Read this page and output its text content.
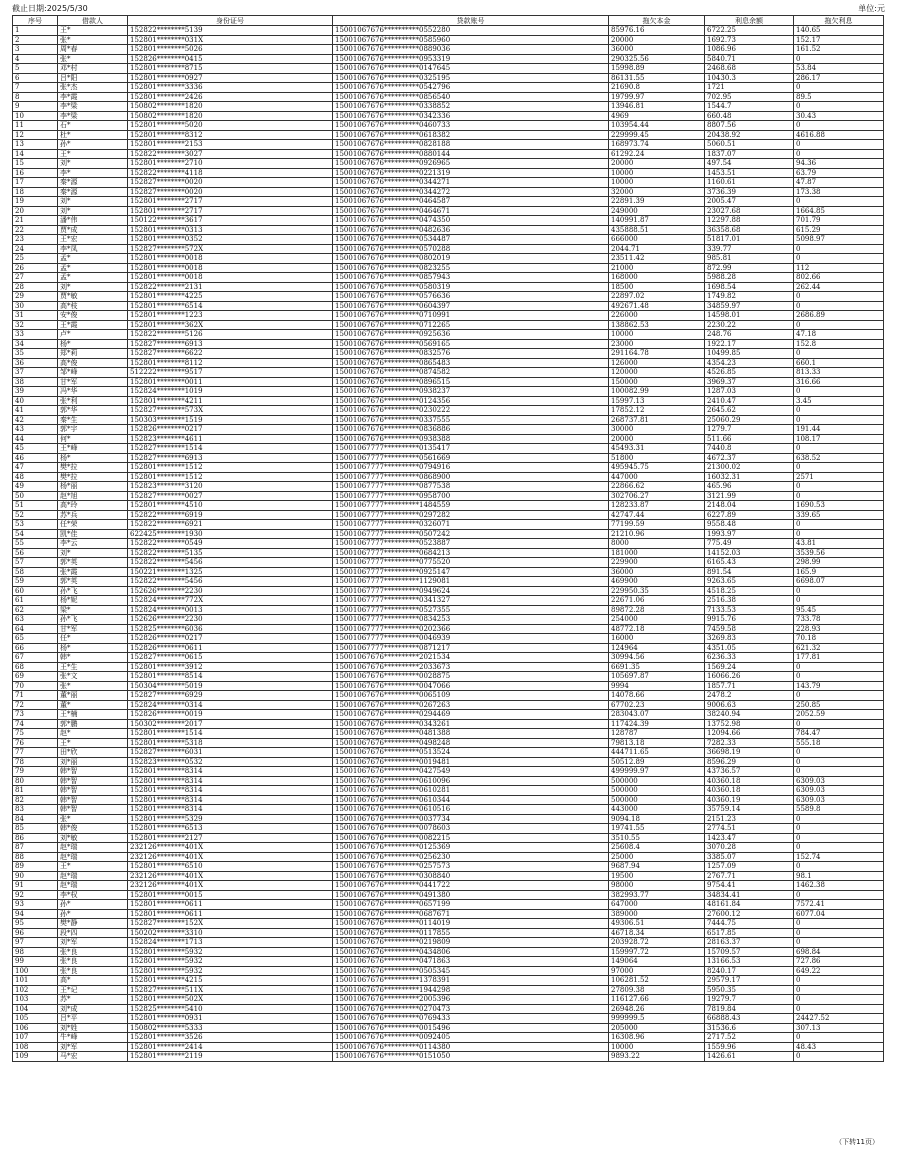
截止日期:2025/5/30	单位:元
序号	借款人	身份证号	贷款账号	拖欠本金	利息余额	拖欠利息
1	王*	152822********5139	15001067676**********0552280	85976.16	6722.25	140.65
2	张*	152801********031X	15001067676**********0585960	20000	1692.73	152.17
3	周*春	152801********5026	15001067676**********0889036	36000	1086.96	161.52
4	张*	152826********0415	15001067676**********0953319	290325.56	5840.71	0
5	邓*村	152801********8715	15001067676**********0147645	15998.89	2468.68	53.84
6	吕*阳	152801********0927	15001067676**********0325195	86131.55	10430.3	286.17
7	张*杰	152801********3336	15001067676**********0542796	21690.8	1721	0
8	李*霞	152801********2426	15001067676**********0856540	19799.97	702.95	89.5
9	李*梁	150802********1820	15001067676**********0338852	13946.81	1544.7	0
10	李*梁	150802********1820	15001067676**********0342336	4969	660.48	30.43
11	石*	152801********5020	15001067676**********0460733	103954.44	8807.56	0
12	杜*	152801********8312	15001067676**********0618382	229999.45	20438.92	4616.88
13	孙*	152801********2153	15001067676**********0828188	168973.74	5060.51	0
14	王*	152822********3027	15001067676**********0880144	61292.24	1837.07	0
15	刘*	152801********2710	15001067676**********0926965	20000	497.54	94.36
16	李*	152822********4118	15001067676**********0221319	10000	1453.51	63.79
17	秦*源	152827********0020	15001067676**********0344271	10000	1160.61	47.87
18	秦*源	152827********0020	15001067676**********0344272	32000	3736.39	173.38
19	刘*	152801********2717	15001067676**********0464587	22891.39	2005.47	0
20	刘*	152801********2717	15001067676**********0464671	249000	23027.68	1664.85
21	潘*伟	150122********3617	15001067676**********0474350	140991.87	12297.88	701.79
22	贾*成	152801********0313	15001067676**********0482636	435888.51	36358.68	615.29
23	王*宏	152801********0352	15001067676**********0534487	666000	51817.01	5098.97
24	李*凤	152827********572X	15001067676**********0570288	2044.71	339.77	0
25	孟*	152801********0018	15001067676**********0802019	23511.42	985.81	0
26	孟*	152801********0018	15001067676**********0823255	21000	872.99	112
27	孟*	152801********0018	15001067676**********0857943	168000	5988.28	802.66
28	刘*	152822********2131	15001067676**********0580319	18500	1698.54	262.44
29	贾*敏	152801********4225	15001067676**********0576636	22897.02	1749.82	0
30	高*枝	152801********6514	15001067676**********0604397	492671.48	34859.97	0
31	安*俊	152801********1223	15001067676**********0710991	226000	14598.01	2686.89
32	王*霞	152801********362X	15001067676**********0712265	138862.53	2230.22	0
33	卢*	152822********5126	15001067676**********0925636	10000	248.76	47.18
34	杨*	152827********6913	15001067676**********0569165	23000	1922.17	152.8
35	郑*莉	152827********6622	15001067676**********0832576	291164.78	10499.85	0
36	高*俊	152801********8112	15001067676**********0865483	126000	4354.23	660.1
37	邹*峰	512222********9517	15001067676**********0874582	120000	4526.85	813.33
38	甘*军	152801********0011	15001067676**********0896515	150000	3969.37	316.66
39	冯*华	152824********1019	15001067676**********0938237	100082.99	1287.03	0
40	张*利	152801********4211	15001067676**********0124356	15997.13	2410.47	3.45
41	郭*华	152827********573X	15001067676**********0230222	17852.12	2645.62	0
42	秦*生	150303********1519	15001067676**********0337555	268737.81	25060.29	0
43	郭*宇	152826********0217	15001067676**********0836886	30000	1279.7	191.44
44	何*	152823********4611	15001067676**********0938388	20000	511.66	108.17
45	王*峰	152827********1514	15001067777**********0135417	45493.31	7440.8	0
46	杨*	152827********6913	15001067777**********0561669	51800	4672.37	638.52
47	樊*拉	152801********1512	15001067777**********0794916	495945.75	21300.02	0
48	樊*拉	152801********1512	15001067777**********0868900	447000	16032.31	2571
49	杨*丽	152823********3120	15001067777**********0877538	22866.62	465.96	0
50	赵*旭	152827********0027	15001067777**********0958700	302706.27	3121.99	0
51	高*玲	152801********4510	15001067777**********1484559	128233.87	2148.04	1690.53
52	苏*兵	152822********6919	15001067777**********0297282	42747.44	6227.89	339.65
53	任*荣	152822********6921	15001067777**********0326071	77199.59	9558.48	0
54	凯*佳	622425********1930	15001067777**********0507242	21210.96	1993.97	0
55	李*云	152822********0549	15001067777**********0523887	8000	775.49	43.81
56	刘*	152822********5135	15001067777**********0684213	181000	14152.03	3539.56
57	郭*英	152822********5456	15001067777**********0775520	229900	6165.43	298.99
58	张*霞	150221********1325	15001067777**********0925147	36000	891.54	165.9
59	郭*英	152822********5456	15001067777**********1129081	469900	9263.65	6698.07
60	孙*飞	152626********2230	15001067777**********0949624	229950.35	4518.25	0
61	杨*妮	152824********772X	15001067777**********0341327	22671.06	2516.38	0
62	梁*	152824********0013	15001067777**********0527355	89872.28	7133.53	95.45
63	孙*飞	152626********2230	15001067777**********0834253	254000	9915.76	733.78
64	甘*军	152825********6036	15001067777**********0202366	48772.18	7459.58	228.93
65	任*	152826********0217	15001067777**********0046939	16000	3269.83	70.18
66	杨*	152826********0611	15001067777**********0871217	124964	4351.05	621.32
67	韩*	152827********0615	15001067676**********2021534	30994.56	6236.33	177.81
68	王*生	152801********3912	15001067676**********2033673	6691.35	1569.24	0
69	张*文	152801********8514	15001067676**********0028875	105697.87	16066.26	0
70	张*	150304********5019	15001067676**********0047066	9994	1857.71	143.79
71	董*丽	152827********6929	15001067676**********0065109	14078.66	2478.2	0
72	董*	152824********0314	15001067676**********0267263	67702.23	9006.63	250.85
73	王*楠	152826********0019	15001067676**********0294469	283043.07	38240.94	2052.59
74	郭*鹏	150302********2017	15001067676**********0343261	117424.39	13752.98	0
75	赵*	152801********1514	15001067676**********0481388	128787	12094.66	784.47
76	王*	152801********5318	15001067676**********0498248	79813.18	7282.33	555.18
77	田*欣	152827********6031	15001067676**********0513524	444711.65	36698.19	0
78	刘*丽	152823********0532	15001067676**********0019481	50512.89	8596.29	0
79	韩*智	152801********8314	15001067676**********0427549	499999.97	43736.57	0
80	韩*智	152801********8314	15001067676**********0610096	500000	40360.18	6309.03
81	韩*智	152801********8314	15001067676**********0610281	500000	40360.18	6309.03
82	韩*智	152801********8314	15001067676**********0610344	500000	40360.19	6309.03
83	韩*智	152801********8314	15001067676**********0610516	443000	35759.14	5589.8
84	张*	152801********5329	15001067676**********0037734	9094.18	2151.23	0
85	韩*俊	152801********6513	15001067676**********0078603	19741.55	2774.51	0
86	刘*敏	152801********2127	15001067676**********0082215	3510.55	1423.47	0
87	赵*瑞	232126********401X	15001067676**********0125369	25608.4	3070.28	0
88	赵*瑞	232126********401X	15001067676**********0256230	25000	3385.07	152.74
89	王*	152801********6510	15001067676**********0257573	9687.94	1257.09	0
90	赵*瑞	232126********401X	15001067676**********0308840	19500	2767.71	98.1
91	赵*瑞	232126********401X	15001067676**********0441722	98000	9754.41	1462.38
92	李*权	152801********0015	15001067676**********0491380	382993.77	34834.41	0
93	孙*	152801********0611	15001067676**********0657199	647000	48161.84	7572.41
94	孙*	152801********0611	15001067676**********0687671	389000	27600.12	6077.04
95	樊*静	152827********152X	15001067676**********0114019	49306.51	7444.75	0
96	段*四	150202********3310	15001067676**********0117855	46718.34	6517.85	0
97	刘*军	152824********1713	15001067676**********0219809	203928.72	28163.37	0
98	张*良	152801********5932	15001067676**********0434806	159997.72	15709.57	698.84
99	张*良	152801********5932	15001067676**********0471863	149064	13166.53	727.86
100	张*良	152801********5932	15001067676**********0505345	97000	8240.17	649.22
101	高*	152801********4215	15001067676**********1378391	106281.52	29579.17	0
102	王*记	152827********511X	15001067676**********1944298	27809.38	5950.35	0
103	苏*	152801********502X	15001067676**********2005396	116127.66	19279.7	0
104	刘*成	152825********5410	15001067676**********0270473	26948.26	7819.84	0
105	吕*平	152801********0931	15001067676**********0769433	999999.5	66888.43	24427.52
106	刘*姓	150802********5333	15001067676**********0015496	205000	31536.6	307.13
107	牛*峰	152801********3526	15001067676**********0092405	16308.96	2717.52	0
108	刘*军	152801********2414	15001067676**********0114380	10000	1559.96	48.43
109	马*宏	152801********2119	15001067676**********0151050	9893.22	1426.61	0
（下转11页）
